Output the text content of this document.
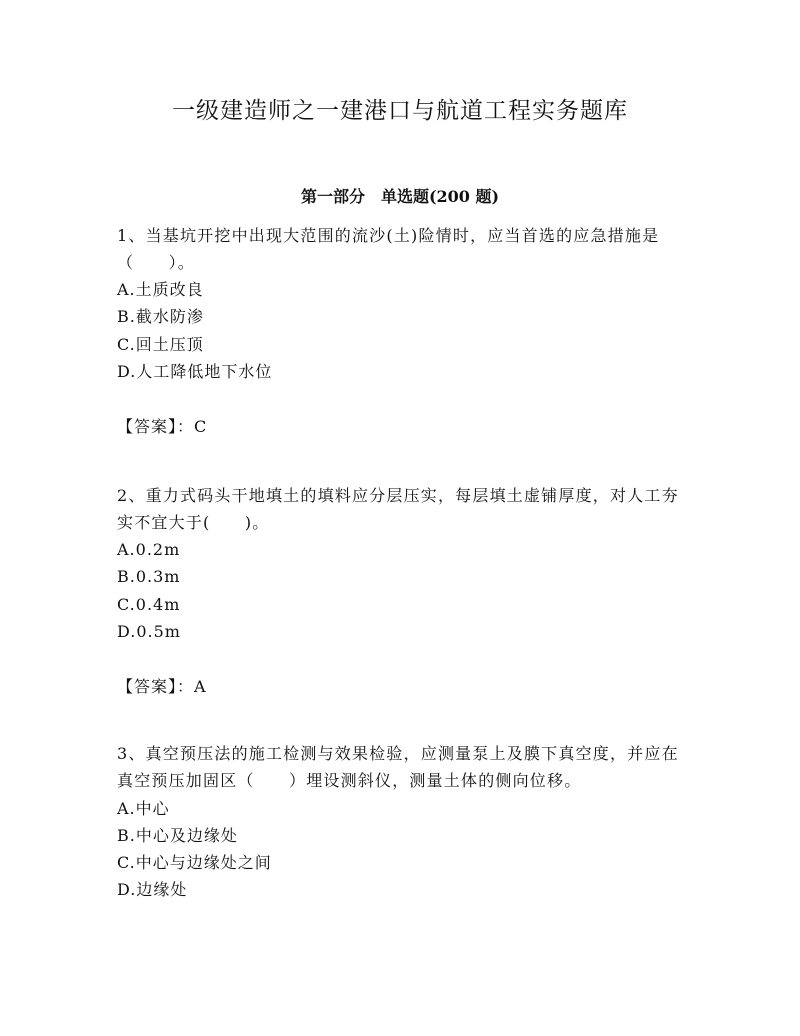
一级建造师之一建港口与航道工程实务题库
第一部分　单选题(200 题)

1、当基坑开挖中出现大范围的流沙(土)险情时，应当首选的应急措施是（　　）。

A.土质改良

B.截水防渗

C.回土压顶

D.人工降低地下水位

【答案】：C

2、重力式码头干地填土的填料应分层压实，每层填土虚铺厚度，对人工夯实不宜大于(　　)。

A.0.2m

B.0.3m

C.0.4m

D.0.5m

【答案】：A

3、真空预压法的施工检测与效果检验，应测量泵上及膜下真空度，并应在真空预压加固区（　　）埋设测斜仪，测量土体的侧向位移。

A.中心

B.中心及边缘处

C.中心与边缘处之间

D.边缘处
